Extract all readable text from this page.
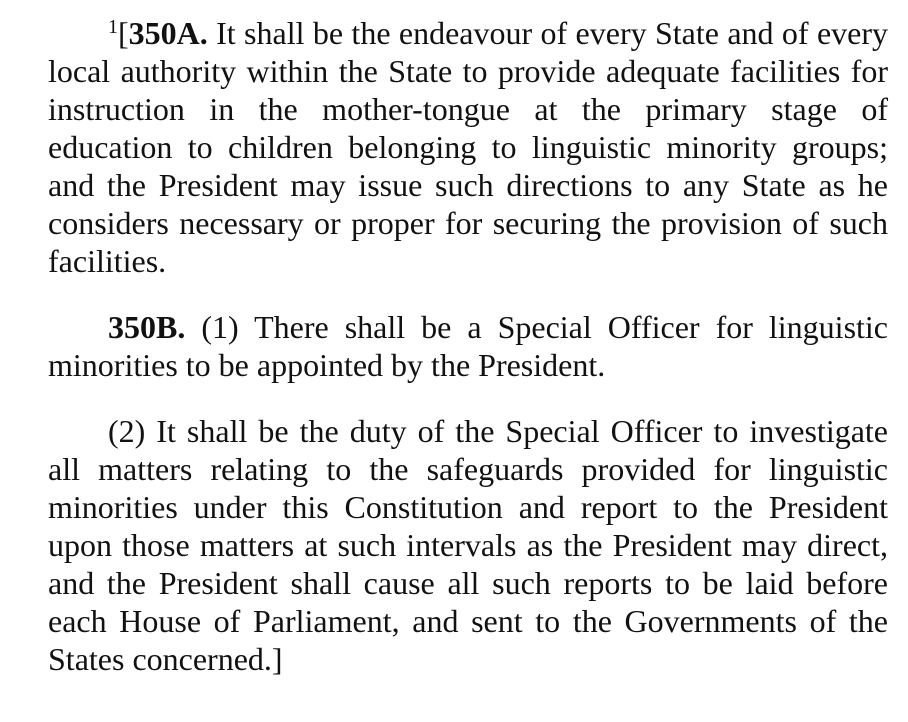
$^1$[350A. It shall be the endeavour of every State and of every local authority within the State to provide adequate facilities for instruction in the mother-tongue at the primary stage of education to children belonging to linguistic minority groups; and the President may issue such directions to any State as he considers necessary or proper for securing the provision of such facilities.

350B. (1) There shall be a Special Officer for linguistic minorities to be appointed by the President.

(2) It shall be the duty of the Special Officer to investigate all matters relating to the safeguards provided for linguistic minorities under this Constitution and report to the President upon those matters at such intervals as the President may direct, and the President shall cause all such reports to be laid before each House of Parliament, and sent to the Governments of the States concerned.]
